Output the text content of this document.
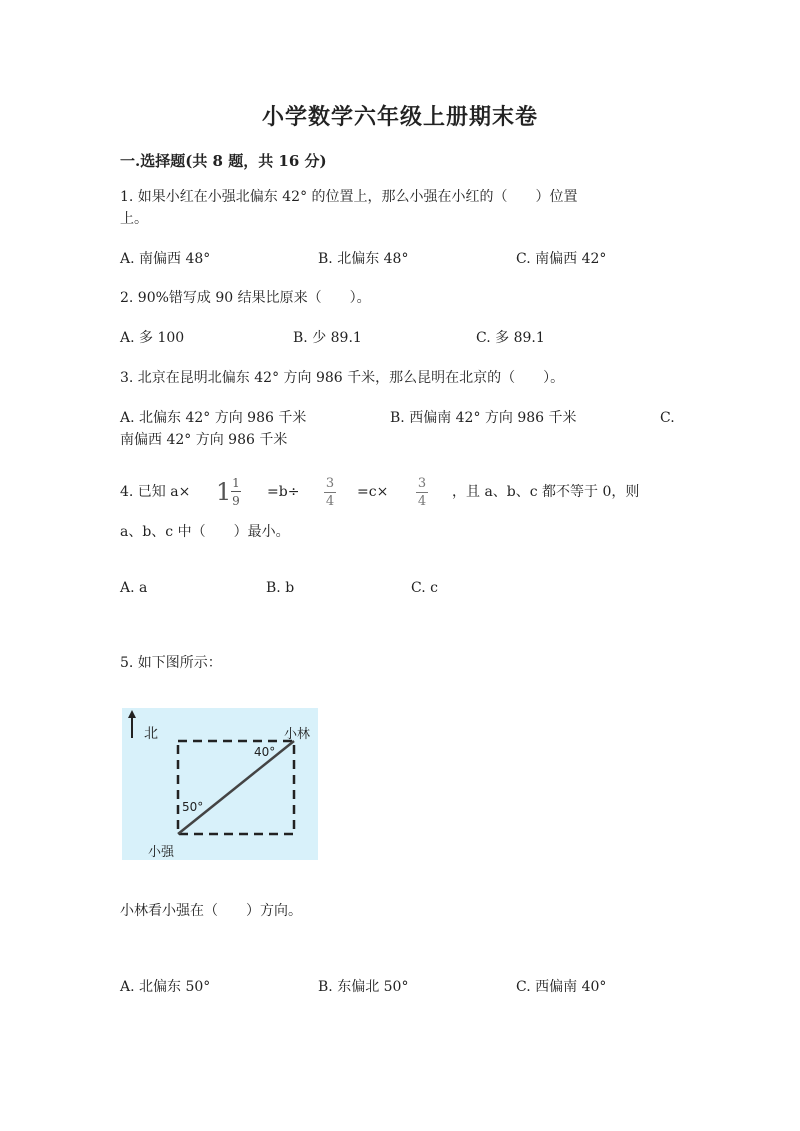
小学数学六年级上册期末卷
一.选择题(共 8 题，共 16 分)
1. 如果小红在小强北偏东 42° 的位置上，那么小强在小红的（　　）位置
上。
A. 南偏西 48°	B. 北偏东 48°	C. 南偏西 42°
2. 90%错写成 90 结果比原来（　　）。
A. 多 100	B. 少 89.1	C. 多 89.1
3. 北京在昆明北偏东 42° 方向 986 千米，那么昆明在北京的（　　）。
A. 北偏东 42° 方向 986 千米	B. 西偏南 42° 方向 986 千米	C.
南偏西 42° 方向 986 千米
4. 已知 a× 1 1
9
=b÷
3
4
=c×
3
4
，且 a、b、c 都不等于 0，则
a、b、c 中（　　）最小。
A. a	B. b	C. c
5. 如下图所示：
北	小林
小强
40°
50°
小林看小强在（　　）方向。
A. 北偏东 50°	B. 东偏北 50°	C. 西偏南 40°
